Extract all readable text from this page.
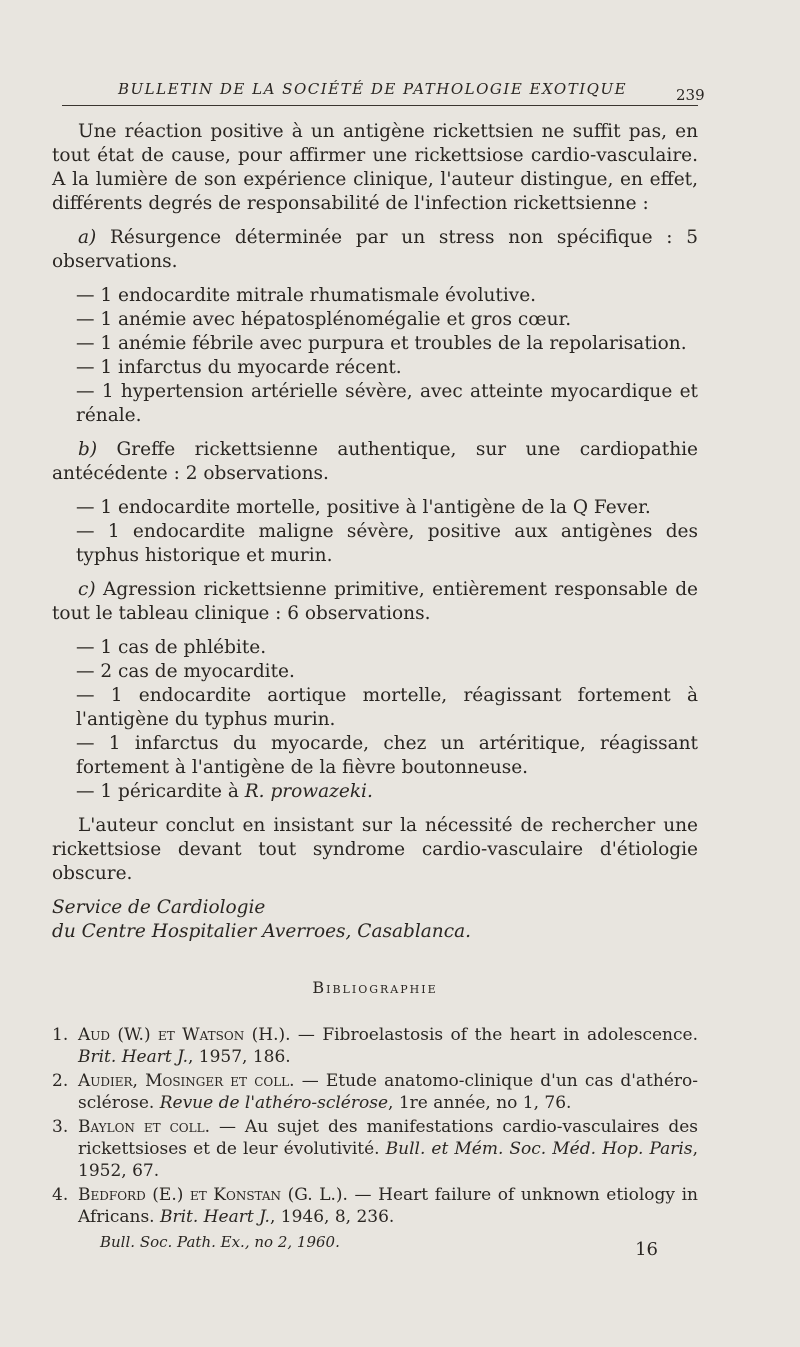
BULLETIN DE LA SOCIÉTÉ DE PATHOLOGIE EXOTIQUE	239

Une réaction positive à un antigène rickettsien ne suffit pas, en tout état de cause, pour affirmer une rickettsiose cardio-vasculaire. A la lumière de son expérience clinique, l'auteur distingue, en effet, différents degrés de responsabilité de l'infection rickettsienne :

a) Résurgence déterminée par un stress non spécifique : 5 observations.

— 1 endocardite mitrale rhumatismale évolutive.

— 1 anémie avec hépatosplénomégalie et gros cœur.

— 1 anémie fébrile avec purpura et troubles de la repolarisation.

— 1 infarctus du myocarde récent.

— 1 hypertension artérielle sévère, avec atteinte myocardique et rénale.

b) Greffe rickettsienne authentique, sur une cardiopathie antécédente : 2 observations.

— 1 endocardite mortelle, positive à l'antigène de la Q Fever.

— 1 endocardite maligne sévère, positive aux antigènes des typhus historique et murin.

c) Agression rickettsienne primitive, entièrement responsable de tout le tableau clinique : 6 observations.

— 1 cas de phlébite.

— 2 cas de myocardite.

— 1 endocardite aortique mortelle, réagissant fortement à l'antigène du typhus murin.

— 1 infarctus du myocarde, chez un artéritique, réagissant fortement à l'antigène de la fièvre boutonneuse.

— 1 péricardite à R. prowazeki.

L'auteur conclut en insistant sur la nécessité de rechercher une rickettsiose devant tout syndrome cardio-vasculaire d'étiologie obscure.

Service de Cardiologie

du Centre Hospitalier Averroes, Casablanca.

Bibliographie
1. Aud (W.) et Watson (H.). — Fibroelastosis of the heart in adolescence. Brit. Heart J., 1957, 186.
2. Audier, Mosinger et coll. — Etude anatomo-clinique d'un cas d'athéro-sclérose. Revue de l'athéro-sclérose, 1re année, no 1, 76.
3. Baylon et coll. — Au sujet des manifestations cardio-vasculaires des rickettsioses et de leur évolutivité. Bull. et Mém. Soc. Méd. Hop. Paris, 1952, 67.
4. Bedford (E.) et Konstan (G. L.). — Heart failure of unknown etiology in Africans. Brit. Heart J., 1946, 8, 236.
Bull. Soc. Path. Ex., no 2, 1960.	16
